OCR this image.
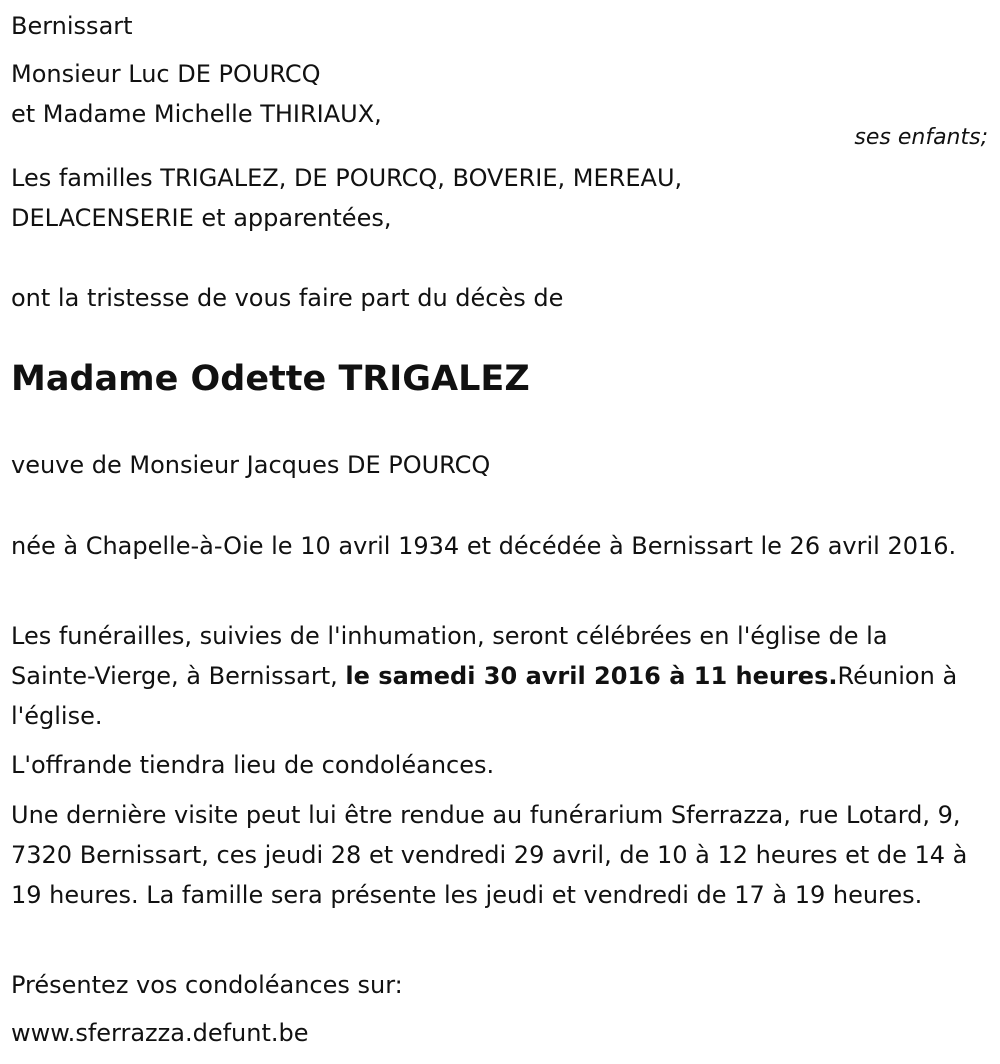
Bernissart
Monsieur Luc DE POURCQ
et Madame Michelle THIRIAUX,
ses enfants;
Les familles TRIGALEZ, DE POURCQ, BOVERIE, MEREAU,
DELACENSERIE et apparentées,
ont la tristesse de vous faire part du décès de
Madame Odette TRIGALEZ
veuve de Monsieur Jacques DE POURCQ
née à Chapelle-à-Oie le 10 avril 1934 et décédée à Bernissart le 26 avril 2016.
Les funérailles, suivies de l'inhumation, seront célébrées en l'église de la Sainte-Vierge, à Bernissart, le samedi 30 avril 2016 à 11 heures.Réunion à l'église.
L'offrande tiendra lieu de condoléances.
Une dernière visite peut lui être rendue au funérarium Sferrazza, rue Lotard, 9, 7320 Bernissart, ces jeudi 28 et vendredi 29 avril, de 10 à 12 heures et de 14 à 19 heures. La famille sera présente les jeudi et vendredi de 17 à 19 heures.
Présentez vos condoléances sur:
www.sferrazza.defunt.be
